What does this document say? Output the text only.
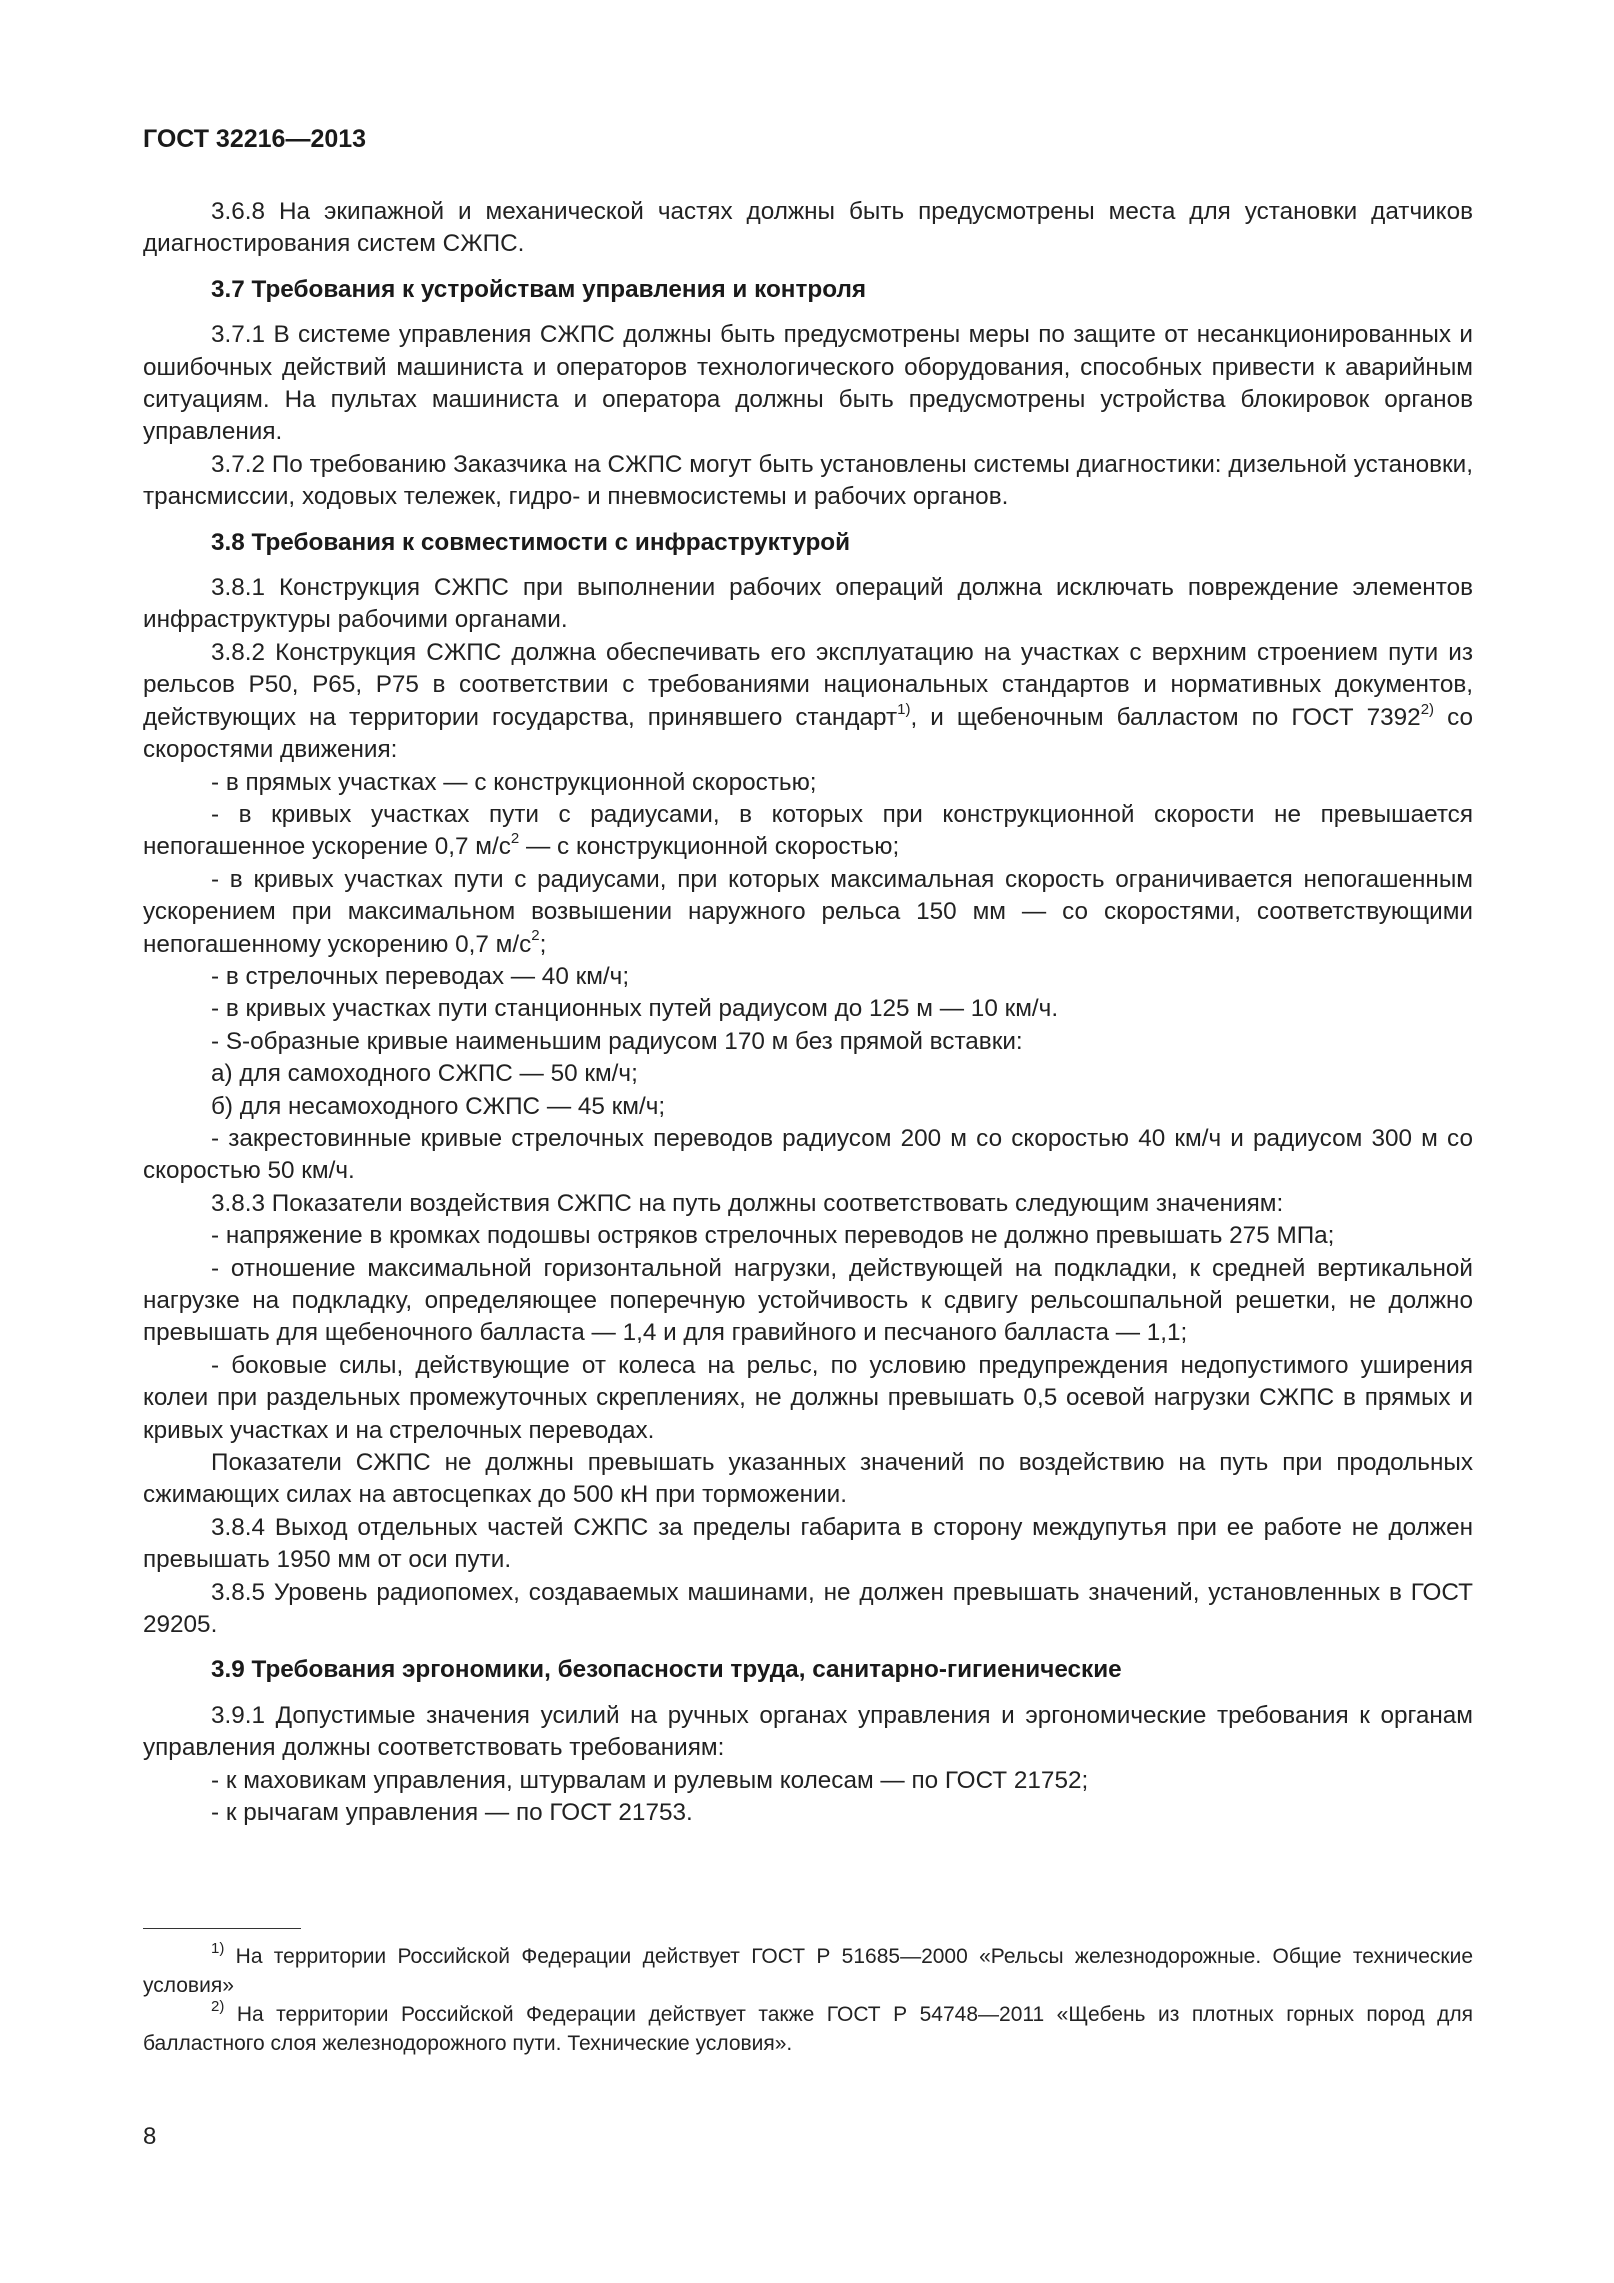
ГОСТ 32216—2013

3.6.8 На экипажной и механической частях должны быть предусмотрены места для установки датчиков диагностирования систем СЖПС.

3.7 Требования к устройствам управления и контроля

3.7.1 В системе управления СЖПС должны быть предусмотрены меры по защите от несанкционированных и ошибочных действий машиниста и операторов технологического оборудования, способных привести к аварийным ситуациям. На пультах машиниста и оператора должны быть предусмотрены устройства блокировок органов управления.

3.7.2 По требованию Заказчика на СЖПС могут быть установлены системы диагностики: дизельной установки, трансмиссии, ходовых тележек, гидро- и пневмосистемы и рабочих органов.

3.8 Требования к совместимости с инфраструктурой

3.8.1 Конструкция СЖПС при выполнении рабочих операций должна исключать повреждение элементов инфраструктуры рабочими органами.

3.8.2 Конструкция СЖПС должна обеспечивать его эксплуатацию на участках с верхним строением пути из рельсов Р50, Р65, Р75 в соответствии с требованиями национальных стандартов и нормативных документов, действующих на территории государства, принявшего стандарт$^{1)}$, и щебеночным балластом по ГОСТ 7392$^{2)}$ со скоростями движения:

- в прямых участках — с конструкционной скоростью;

- в кривых участках пути с радиусами, в которых при конструкционной скорости не превышается непогашенное ускорение 0,7 $м/с^2$ — с конструкционной скоростью;

- в кривых участках пути с радиусами, при которых максимальная скорость ограничивается непогашенным ускорением при максимальном возвышении наружного рельса 150 мм — со скоростями, соответствующими непогашенному ускорению 0,7 $м/с^2$;

- в стрелочных переводах — 40 км/ч;

- в кривых участках пути станционных путей радиусом до 125 м — 10 км/ч.

- S-образные кривые наименьшим радиусом 170 м без прямой вставки:

а) для самоходного СЖПС — 50 км/ч;

б) для несамоходного СЖПС — 45 км/ч;

- закрестовинные кривые стрелочных переводов радиусом 200 м со скоростью 40 км/ч и радиусом 300 м со скоростью 50 км/ч.

3.8.3 Показатели воздействия СЖПС на путь должны соответствовать следующим значениям:

- напряжение в кромках подошвы остряков стрелочных переводов не должно превышать 275 МПа;

- отношение максимальной горизонтальной нагрузки, действующей на подкладки, к средней вертикальной нагрузке на подкладку, определяющее поперечную устойчивость к сдвигу рельсошпальной решетки, не должно превышать для щебеночного балласта — 1,4 и для гравийного и песчаного балласта — 1,1;

- боковые силы, действующие от колеса на рельс, по условию предупреждения недопустимого уширения колеи при раздельных промежуточных скреплениях, не должны превышать 0,5 осевой нагрузки СЖПС в прямых и кривых участках и на стрелочных переводах.

Показатели СЖПС не должны превышать указанных значений по воздействию на путь при продольных сжимающих силах на автосцепках до 500 кН при торможении.

3.8.4 Выход отдельных частей СЖПС за пределы габарита в сторону междупутья при ее работе не должен превышать 1950 мм от оси пути.

3.8.5 Уровень радиопомех, создаваемых машинами, не должен превышать значений, установленных в ГОСТ 29205.

3.9 Требования эргономики, безопасности труда, санитарно-гигиенические

3.9.1 Допустимые значения усилий на ручных органах управления и эргономические требования к органам управления должны соответствовать требованиям:

- к маховикам управления, штурвалам и рулевым колесам — по ГОСТ 21752;

- к рычагам управления — по ГОСТ 21753.

$^{1)}$ На территории Российской Федерации действует ГОСТ Р 51685—2000 «Рельсы железнодорожные. Общие технические условия»

$^{2)}$ На территории Российской Федерации действует также ГОСТ Р 54748—2011 «Щебень из плотных горных пород для балластного слоя железнодорожного пути. Технические условия».

8
